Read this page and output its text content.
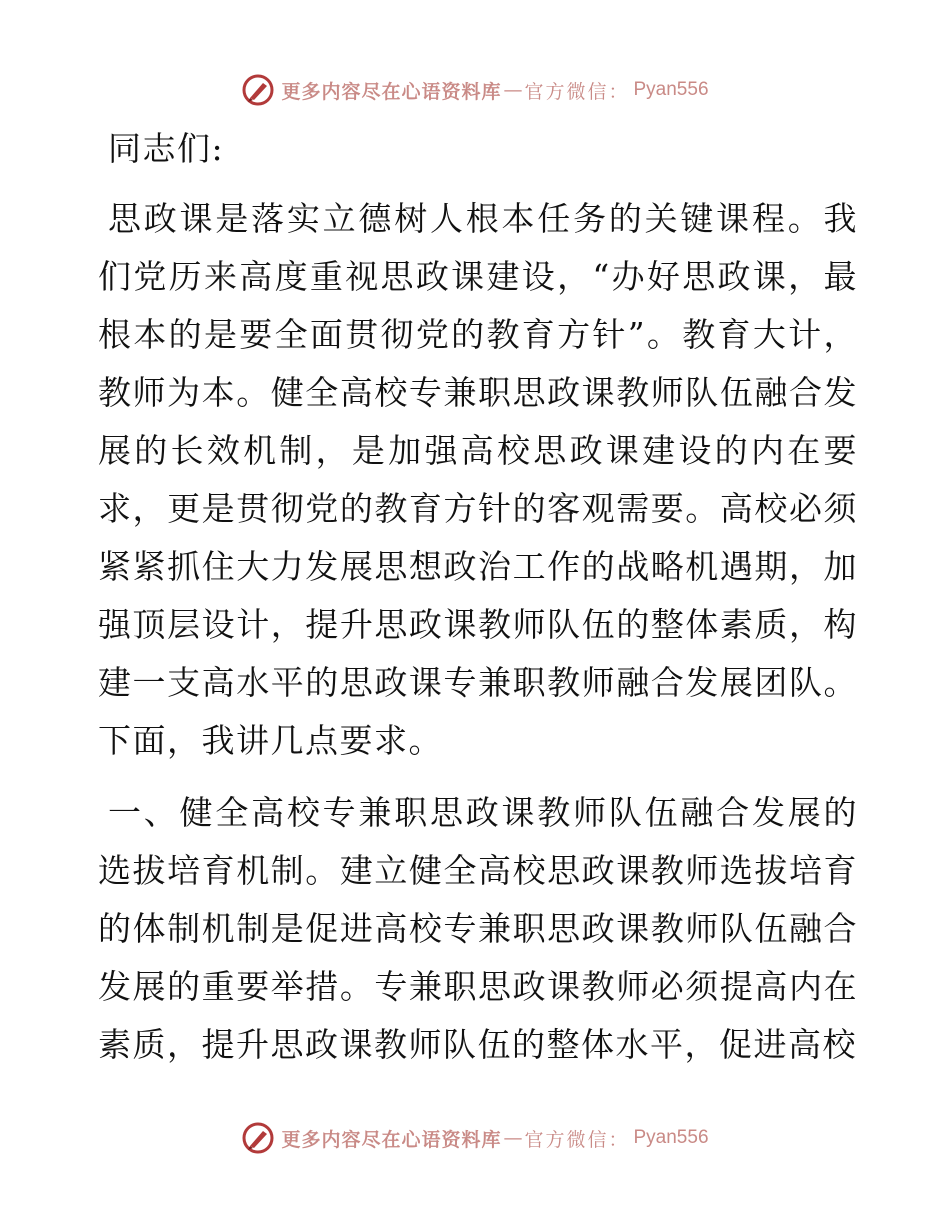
更多内容尽在心语资料库 — 官方微信： Pyan556

同志们:

思政课是落实立德树人根本任务的关键课程。我们党历来高度重视思政课建设，“办好思政课，最根本的是要全面贯彻党的教育方针”。教育大计，教师为本。健全高校专兼职思政课教师队伍融合发展的长效机制，是加强高校思政课建设的内在要求，更是贯彻党的教育方针的客观需要。高校必须紧紧抓住大力发展思想政治工作的战略机遇期，加强顶层设计，提升思政课教师队伍的整体素质，构建一支高水平的思政课专兼职教师融合发展团队。下面，我讲几点要求。

一、健全高校专兼职思政课教师队伍融合发展的选拔培育机制。建立健全高校思政课教师选拔培育的体制机制是促进高校专兼职思政课教师队伍融合发展的重要举措。专兼职思政课教师必须提高内在素质，提升思政课教师队伍的整体水平，促进高校

更多内容尽在心语资料库 — 官方微信： Pyan556
